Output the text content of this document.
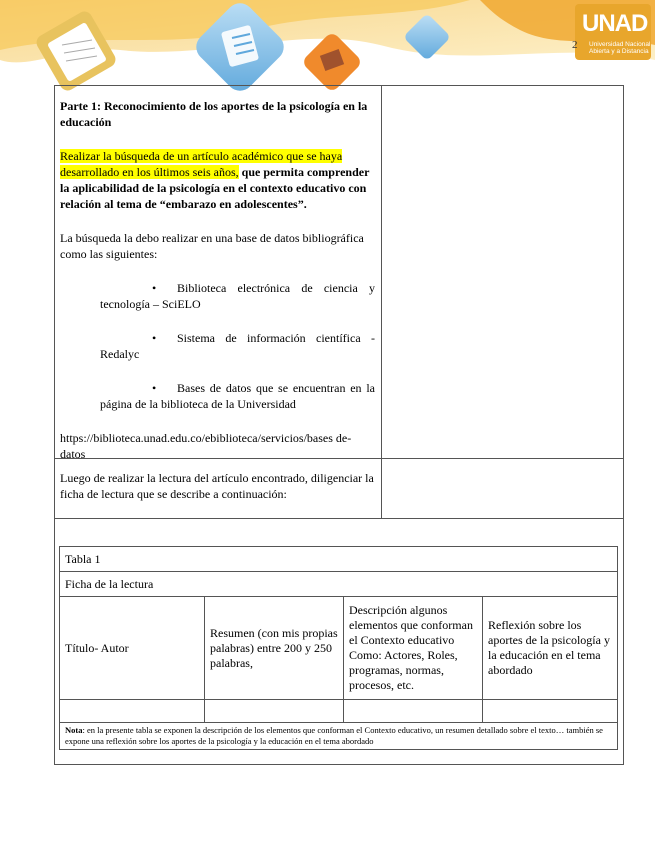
2
UNAD
Universidad Nacional Abierta y a Distancia

Parte 1: Reconocimiento de los aportes de la psicología en la educación

Realizar la búsqueda de un artículo académico que se haya desarrollado en los últimos seis años, que permita comprender la aplicabilidad de la psicología en el contexto educativo con relación al tema de “embarazo en adolescentes”.

La búsqueda la debo realizar en una base de datos bibliográfica como las siguientes:

•	Biblioteca electrónica de ciencia y tecnología – SciELO
•	Sistema de información científica - Redalyc
•	Bases de datos que se encuentran en la página de la biblioteca de la Universidad

https://biblioteca.unad.edu.co/ebiblioteca/servicios/bases de-datos

Luego de realizar la lectura del artículo encontrado, diligenciar la ficha de lectura que se describe a continuación:
Tabla 1			
Ficha de la lectura			
Título- Autor	Resumen (con mis propias palabras) entre 200 y 250 palabras,	Descripción algunos elementos que conforman el Contexto educativo Como: Actores, Roles, programas, normas, procesos, etc.	Reflexión sobre los aportes de la psicología y la educación en el tema abordado

Nota: en la presente tabla se exponen la descripción de los elementos que conforman el Contexto educativo, un resumen detallado sobre el texto… también se expone una reflexión sobre los aportes de la psicología y la educación en el tema abordado			
